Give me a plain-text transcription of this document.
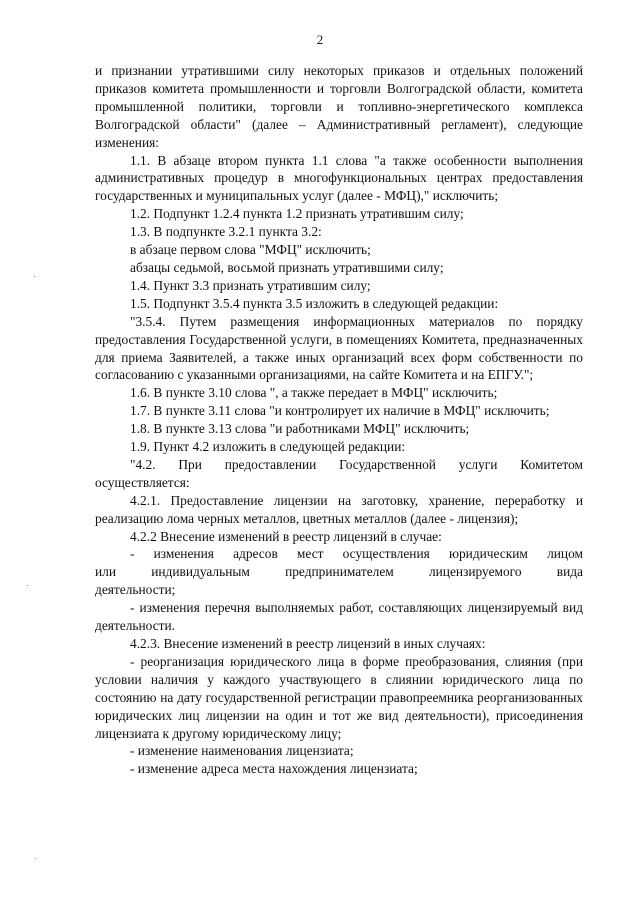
2
·
·
·

и признании утратившими силу некоторых приказов и отдельных положений приказов комитета промышленности и торговли Волгоградской области, комитета промышленной политики, торговли и топливно-энергетического комплекса Волгоградской области" (далее – Административный регламент), следующие изменения:

1.1. В абзаце втором пункта 1.1 слова "а также особенности выполнения административных процедур в многофункциональных центрах предоставления государственных и муниципальных услуг (далее - МФЦ)," исключить;

1.2. Подпункт 1.2.4 пункта 1.2 признать утратившим силу;

1.3. В подпункте 3.2.1 пункта 3.2:

в абзаце первом слова "МФЦ" исключить;

абзацы седьмой, восьмой признать утратившими силу;

1.4. Пункт 3.3 признать утратившим силу;

1.5. Подпункт 3.5.4 пункта 3.5 изложить в следующей редакции:

"3.5.4. Путем размещения информационных материалов по порядку предоставления Государственной услуги, в помещениях Комитета, предназначенных для приема Заявителей, а также иных организаций всех форм собственности по согласованию с указанными организациями, на сайте Комитета и на ЕПГУ.";

1.6. В пункте 3.10 слова ", а также передает в МФЦ" исключить;

1.7. В пункте 3.11 слова "и контролирует их наличие в МФЦ" исключить;

1.8. В пункте 3.13 слова "и работниками МФЦ" исключить;

1.9. Пункт 4.2 изложить в следующей редакции:

"4.2. При предоставлении Государственной услуги Комитетом осуществляется:

4.2.1. Предоставление лицензии на заготовку, хранение, переработку и реализацию лома черных металлов, цветных металлов (далее - лицензия);

4.2.2 Внесение изменений в реестр лицензий в случае:

- изменения адресов мест осуществления юридическим лицом

или индивидуальным предпринимателем лицензируемого вида

деятельности;

- изменения перечня выполняемых работ, составляющих лицензируемый вид деятельности.

4.2.3. Внесение изменений в реестр лицензий в иных случаях:

- реорганизация юридического лица в форме преобразования, слияния (при условии наличия у каждого участвующего в слиянии юридического лица по состоянию на дату государственной регистрации правопреемника реорганизованных юридических лиц лицензии на один и тот же вид деятельности), присоединения лицензиата к другому юридическому лицу;

- изменение наименования лицензиата;

- изменение адреса места нахождения лицензиата;
